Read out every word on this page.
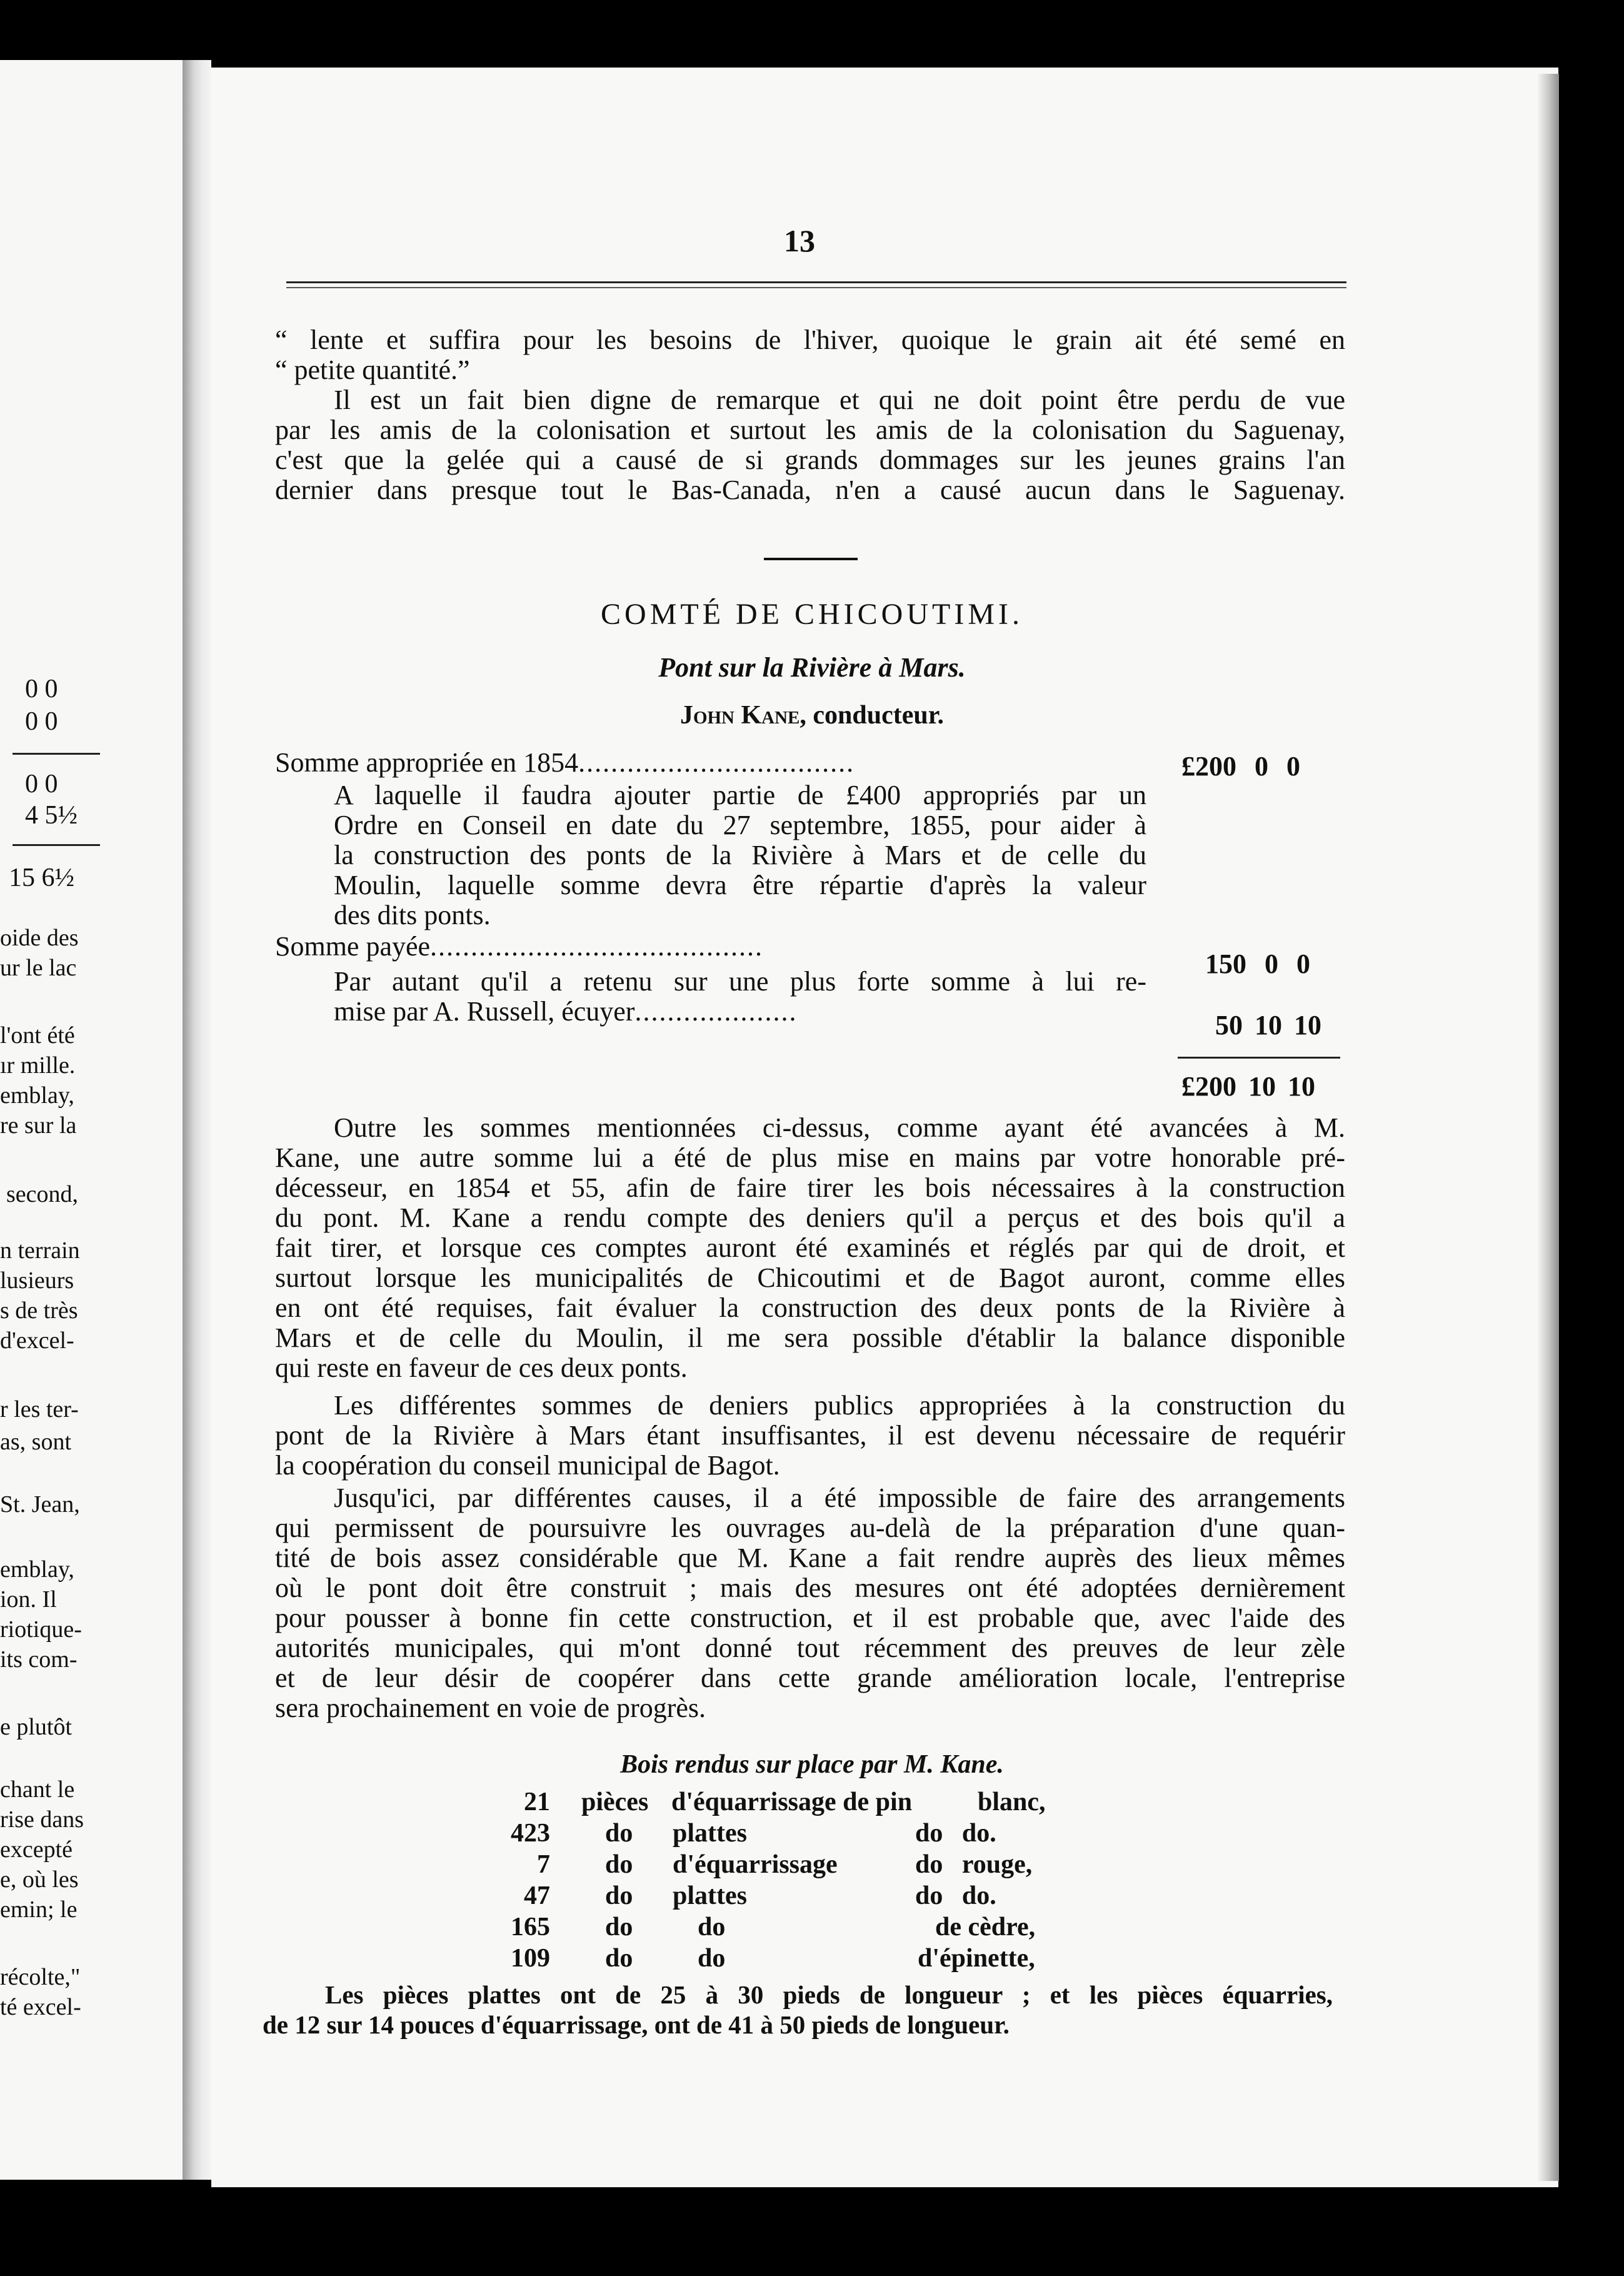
0 0
0 0
0 0
4 5½
15 6½
oide des
ur le lac
l'ont été
ır mille.
emblay,
re sur la
second,
n terrain
lusieurs
s de très
d'excel-
r les ter-
as, sont
St. Jean,
emblay,
ion. Il
riotique-
its com-
e plutôt
chant le
rise dans
excepté
e, où les
emin; le
récolte,"
té excel-
13
“ lente et suffira pour les besoins de l'hiver, quoique le grain ait été semé en
“ petite quantité.”
Il est un fait bien digne de remarque et qui ne doit point être perdu de vue
par les amis de la colonisation et surtout les amis de la colonisation du Saguenay,
c'est que la gelée qui a causé de si grands dommages sur les jeunes grains l'an
dernier dans presque tout le Bas-Canada, n'en a causé aucun dans le Saguenay.
COMTÉ DE CHICOUTIMI.
Pont sur la Rivière à Mars.
John Kane, conducteur.
Somme appropriée en 1854..................................	£200 0 0
A laquelle il faudra ajouter partie de £400 appropriés par un
Ordre en Conseil en date du 27 septembre, 1855, pour aider à
la construction des ponts de la Rivière à Mars et de celle du
Moulin, laquelle somme devra être répartie d'après la valeur
des dits ponts.
Somme payée.........................................
150 0 0
Par autant qu'il a retenu sur une plus forte somme à lui re-
mise par A. Russell, écuyer....................	50 10 10
£200 10 10
Outre les sommes mentionnées ci-dessus, comme ayant été avancées à M.
Kane, une autre somme lui a été de plus mise en mains par votre honorable pré-
décesseur, en 1854 et 55, afin de faire tirer les bois nécessaires à la construction
du pont. M. Kane a rendu compte des deniers qu'il a perçus et des bois qu'il a
fait tirer, et lorsque ces comptes auront été examinés et réglés par qui de droit, et
surtout lorsque les municipalités de Chicoutimi et de Bagot auront, comme elles
en ont été requises, fait évaluer la construction des deux ponts de la Rivière à
Mars et de celle du Moulin, il me sera possible d'établir la balance disponible
qui reste en faveur de ces deux ponts.
Les différentes sommes de deniers publics appropriées à la construction du
pont de la Rivière à Mars étant insuffisantes, il est devenu nécessaire de requérir
la coopération du conseil municipal de Bagot.
Jusqu'ici, par différentes causes, il a été impossible de faire des arrangements
qui permissent de poursuivre les ouvrages au-delà de la préparation d'une quan-
tité de bois assez considérable que M. Kane a fait rendre auprès des lieux mêmes
où le pont doit être construit ; mais des mesures ont été adoptées dernièrement
pour pousser à bonne fin cette construction, et il est probable que, avec l'aide des
autorités municipales, qui m'ont donné tout récemment des preuves de leur zèle
et de leur désir de coopérer dans cette grande amélioration locale, l'entreprise
sera prochainement en voie de progrès.
Bois rendus sur place par M. Kane.
21 pièces d'équarrissage de pin blanc,
423 do plattes	do do.
7 do d'équarrissage	do rouge,
47 do plattes	do do.
165 do do	de cèdre,
109 do do	d'épinette,
Les pièces plattes ont de 25 à 30 pieds de longueur ; et les pièces équarries,
de 12 sur 14 pouces d'équarrissage, ont de 41 à 50 pieds de longueur.
